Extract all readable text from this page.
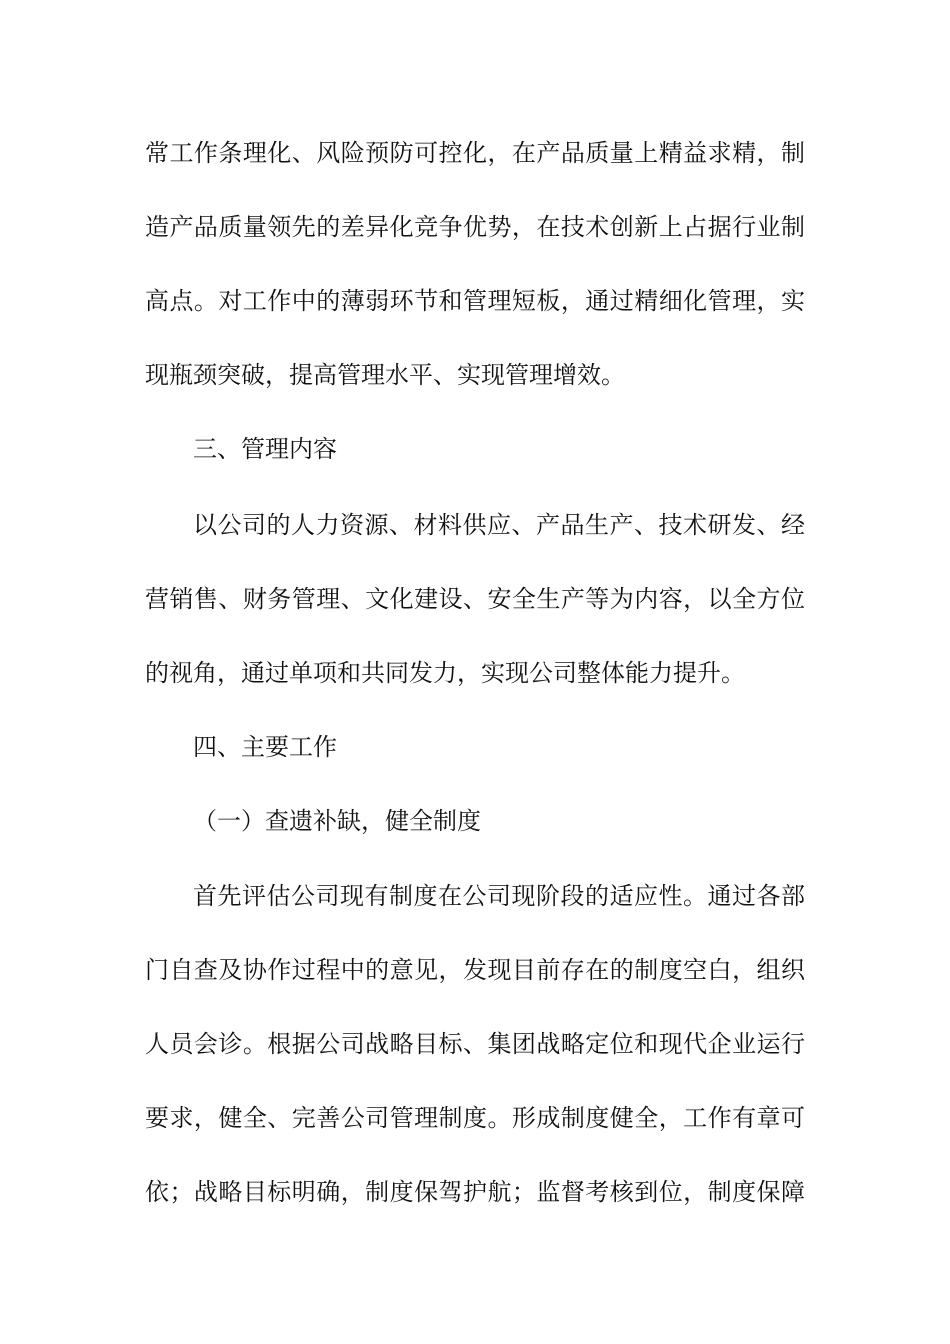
常工作条理化、风险预防可控化，在产品质量上精益求精，制
造产品质量领先的差异化竞争优势，在技术创新上占据行业制
高点。对工作中的薄弱环节和管理短板，通过精细化管理，实
现瓶颈突破，提高管理水平、实现管理增效。
三、管理内容
以公司的人力资源、材料供应、产品生产、技术研发、经
营销售、财务管理、文化建设、安全生产等为内容，以全方位
的视角，通过单项和共同发力，实现公司整体能力提升。
四、主要工作
（一）查遗补缺，健全制度
首先评估公司现有制度在公司现阶段的适应性。通过各部
门自查及协作过程中的意见，发现目前存在的制度空白，组织
人员会诊。根据公司战略目标、集团战略定位和现代企业运行
要求，健全、完善公司管理制度。形成制度健全，工作有章可
依；战略目标明确，制度保驾护航；监督考核到位，制度保障
